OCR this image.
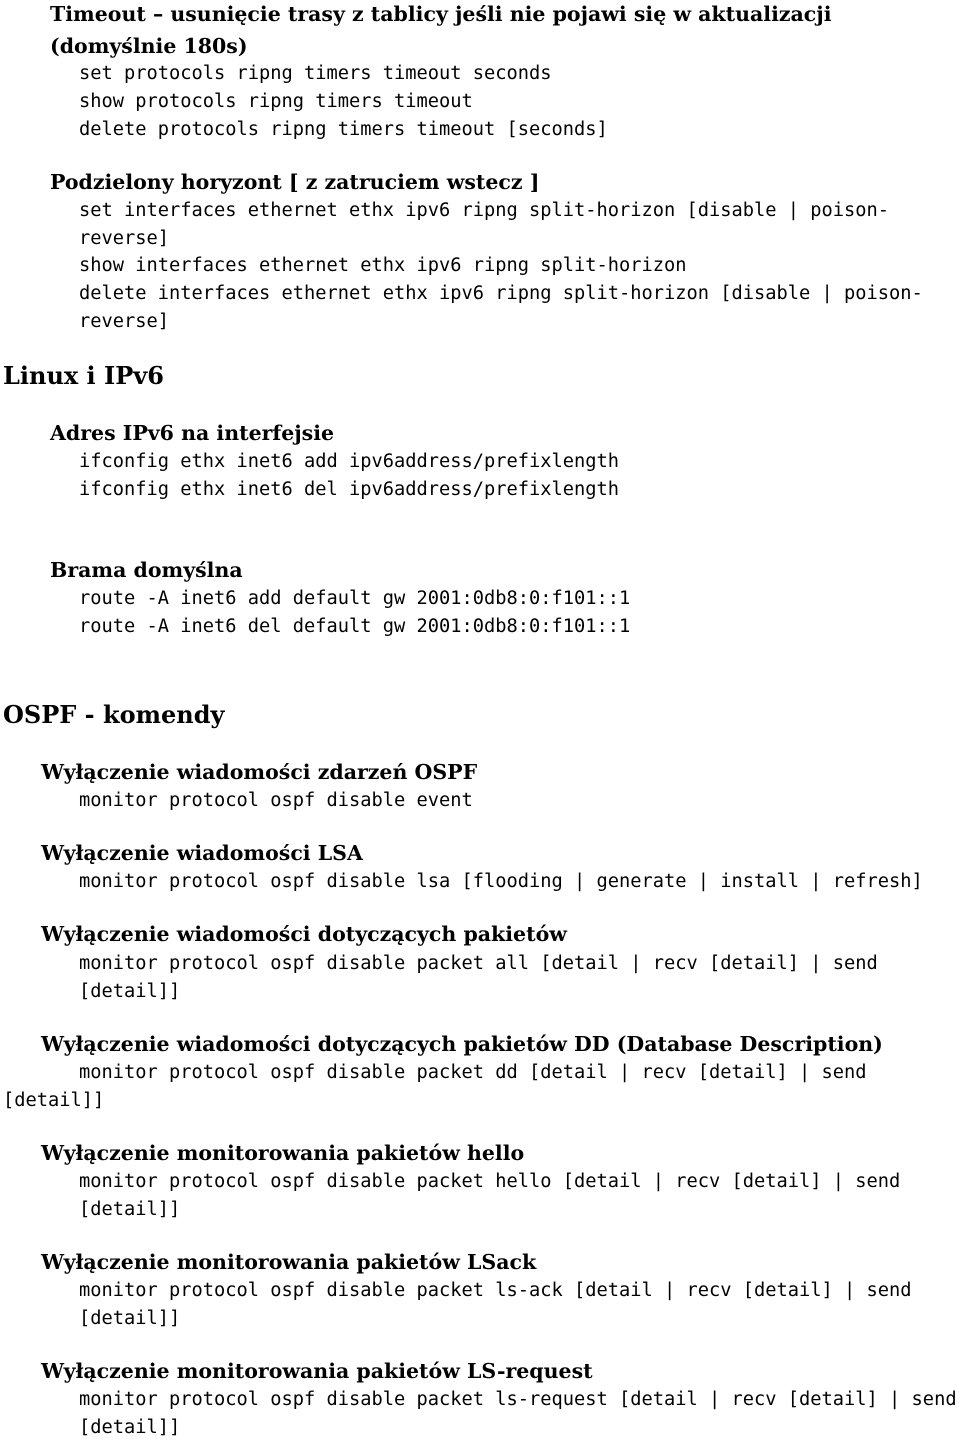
Timeout – usunięcie trasy z tablicy jeśli nie pojawi się w aktualizacji (domyślnie 180s)
set protocols ripng timers timeout seconds
show protocols ripng timers timeout
delete protocols ripng timers timeout [seconds]
Podzielony horyzont [ z zatruciem wstecz ]
set interfaces ethernet ethx ipv6 ripng split-horizon [disable | poison-reverse]
show interfaces ethernet ethx ipv6 ripng split-horizon
delete interfaces ethernet ethx ipv6 ripng split-horizon [disable | poison-reverse]
Linux i IPv6
Adres IPv6 na interfejsie
ifconfig ethx inet6 add ipv6address/prefixlength
ifconfig ethx inet6 del ipv6address/prefixlength
Brama domyślna
route -A inet6 add default gw 2001:0db8:0:f101::1
route -A inet6 del default gw 2001:0db8:0:f101::1
OSPF - komendy
Wyłączenie wiadomości zdarzeń OSPF
monitor protocol ospf disable event
Wyłączenie wiadomości LSA
monitor protocol ospf disable lsa [flooding | generate | install | refresh]
Wyłączenie wiadomości dotyczących pakietów
monitor protocol ospf disable packet all [detail | recv [detail] | send
[detail]]
Wyłączenie wiadomości dotyczących pakietów DD (Database Description)
monitor protocol ospf disable packet dd [detail | recv [detail] | send
[detail]]
Wyłączenie monitorowania pakietów hello
monitor protocol ospf disable packet hello [detail | recv [detail] | send
[detail]]
Wyłączenie monitorowania pakietów LSack
monitor protocol ospf disable packet ls-ack [detail | recv [detail] | send
[detail]]
Wyłączenie monitorowania pakietów LS-request
monitor protocol ospf disable packet ls-request [detail | recv [detail] | send
[detail]]
